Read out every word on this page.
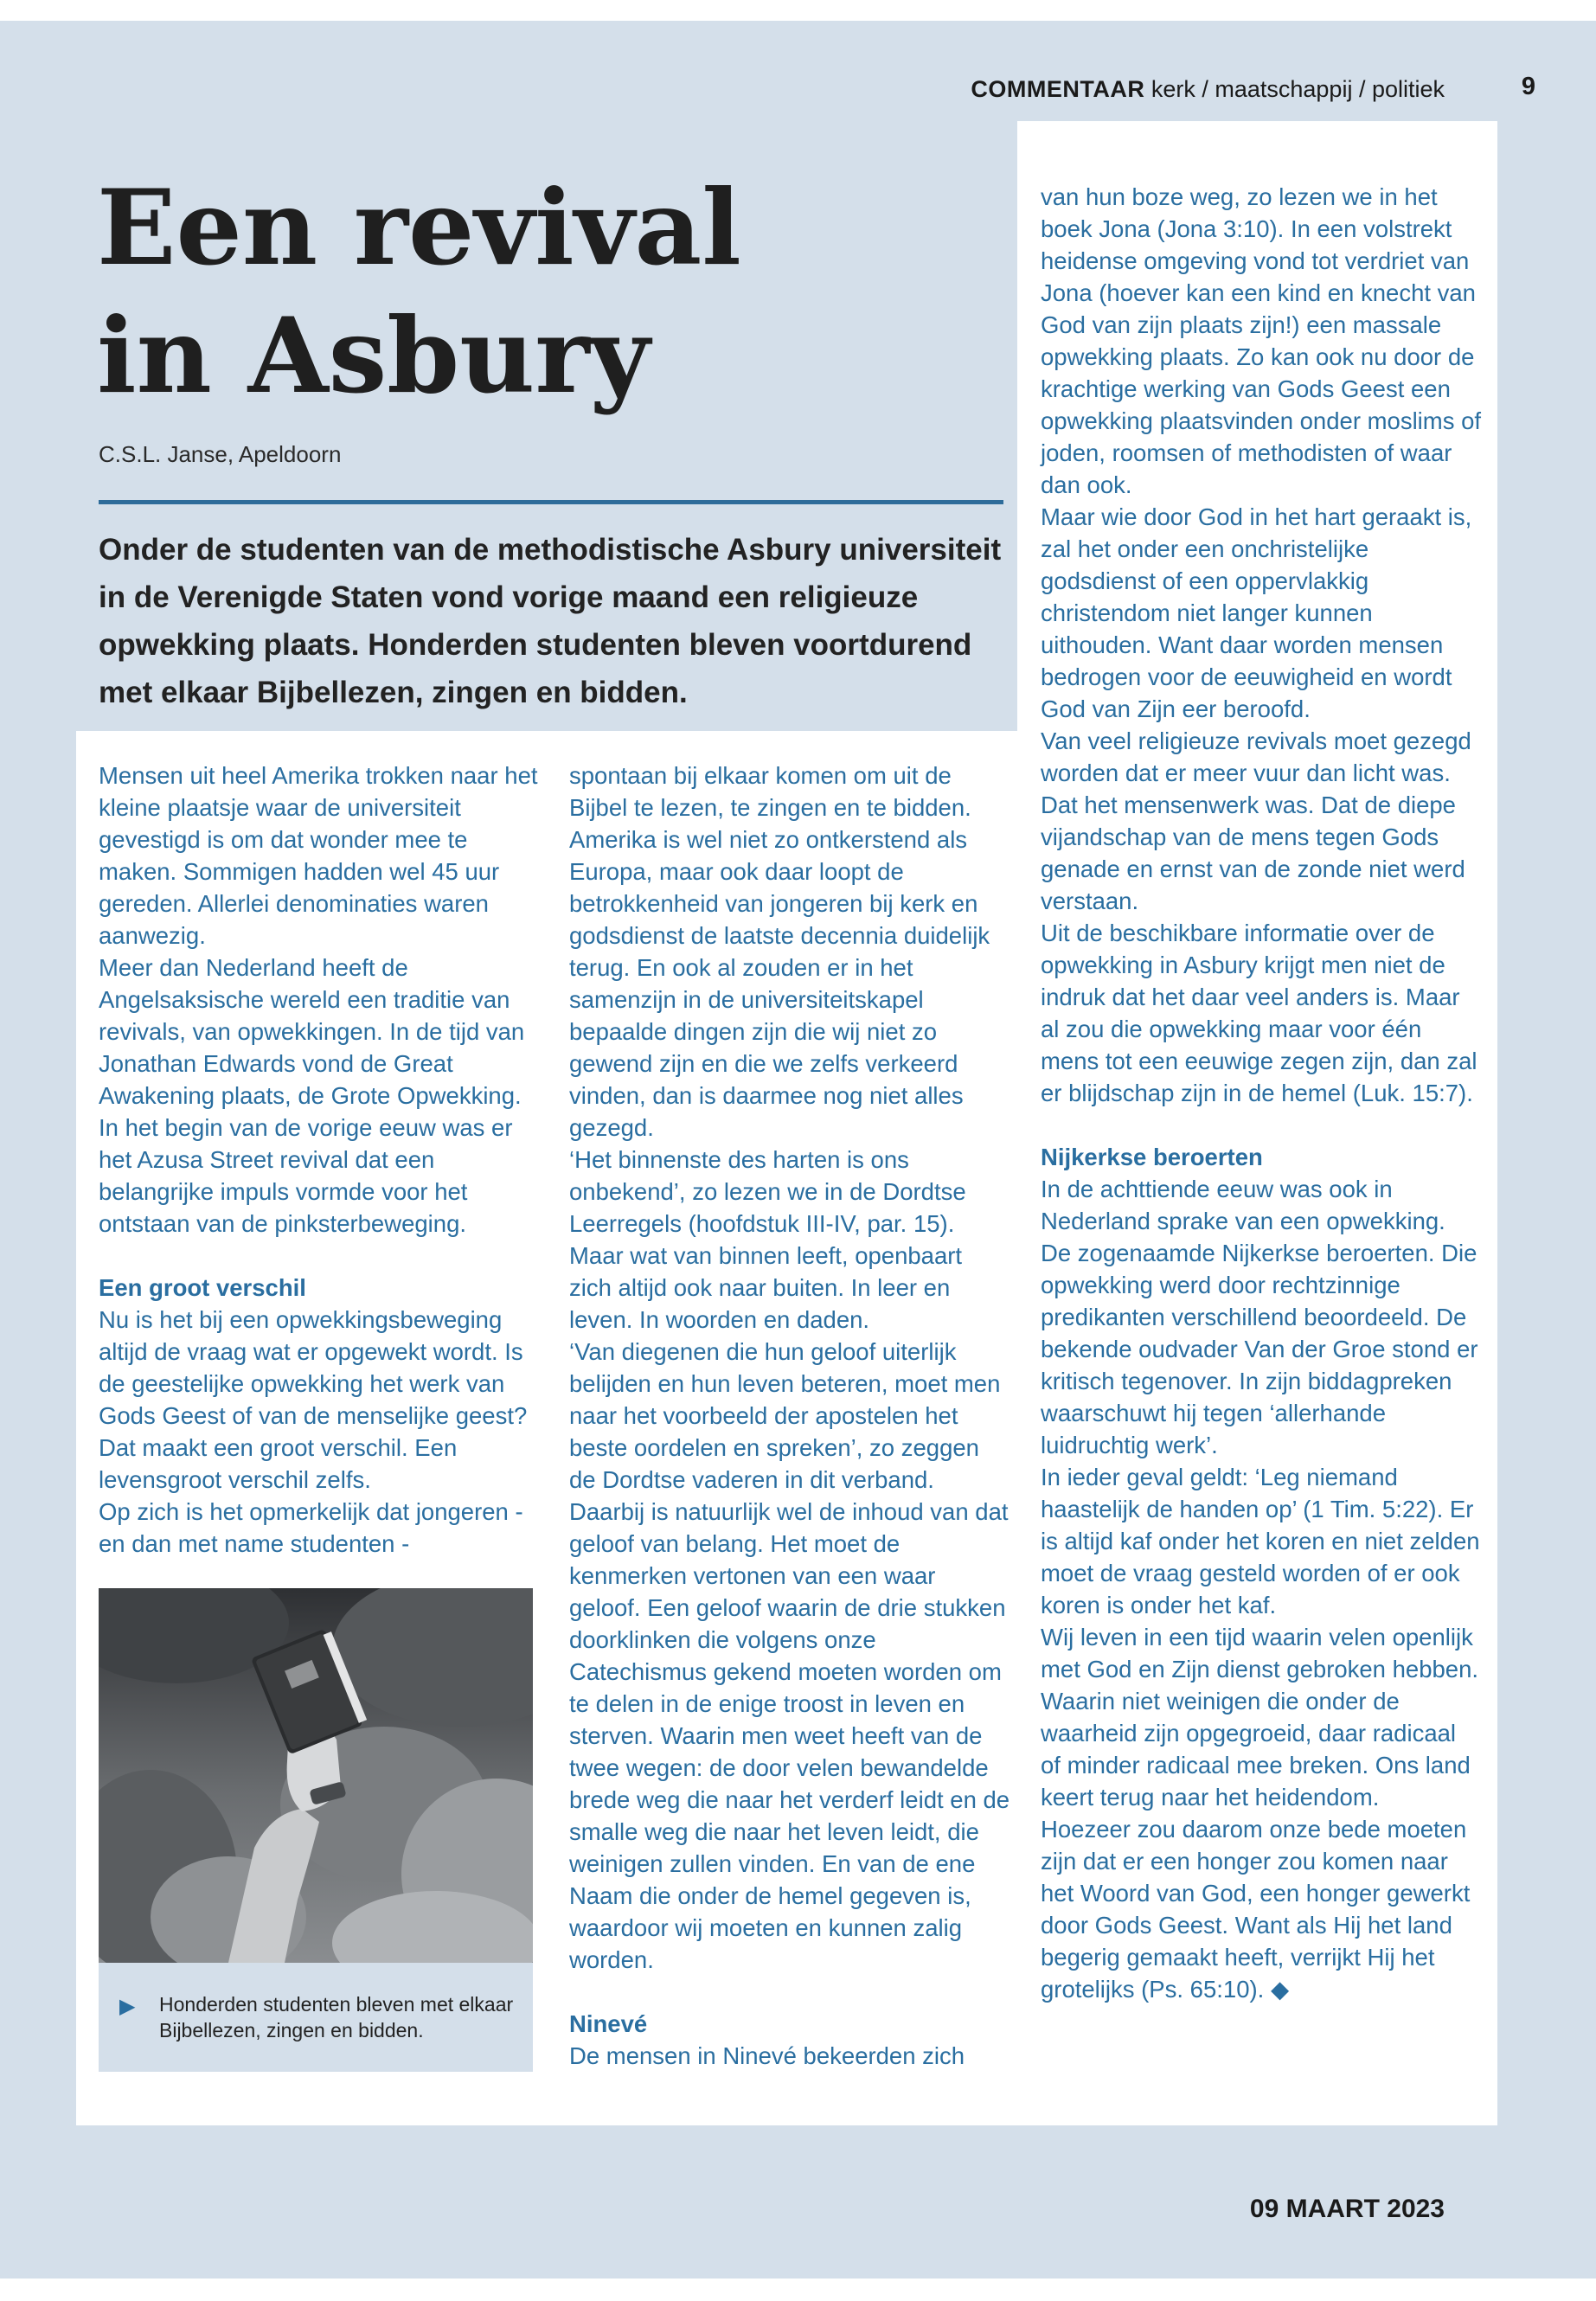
COMMENTAAR kerk / maatschappij / politiek	9
Een revival
in Asbury
C.S.L. Janse, Apeldoorn

Onder de studenten van de methodistische Asbury universiteit in de Verenigde Staten vond vorige maand een religieuze opwekking plaats. Honderden studenten bleven voortdurend met elkaar Bijbellezen, zingen en bidden.

Mensen uit heel Amerika trokken naar het kleine plaatsje waar de universiteit gevestigd is om dat wonder mee te maken. Sommigen hadden wel 45 uur gereden. Allerlei denominaties waren aanwezig.

Meer dan Nederland heeft de Angelsaksische wereld een traditie van revivals, van opwekkingen. In de tijd van Jonathan Edwards vond de Great Awakening plaats, de Grote Opwekking. In het begin van de vorige eeuw was er het Azusa Street revival dat een belangrijke impuls vormde voor het ontstaan van de pinksterbeweging.

Een groot verschil

Nu is het bij een opwekkingsbeweging altijd de vraag wat er opgewekt wordt. Is de geestelijke opwekking het werk van Gods Geest of van de menselijke geest? Dat maakt een groot verschil. Een levensgroot verschil zelfs.

Op zich is het opmerkelijk dat jongeren - en dan met name studenten -

▶ Honderden studenten bleven met elkaar Bijbellezen, zingen en bidden.

spontaan bij elkaar komen om uit de Bijbel te lezen, te zingen en te bidden. Amerika is wel niet zo ontkerstend als Europa, maar ook daar loopt de betrokkenheid van jongeren bij kerk en godsdienst de laatste decennia duidelijk terug. En ook al zouden er in het samenzijn in de universiteitskapel bepaalde dingen zijn die wij niet zo gewend zijn en die we zelfs verkeerd vinden, dan is daarmee nog niet alles gezegd.

‘Het binnenste des harten is ons onbekend’, zo lezen we in de Dordtse Leerregels (hoofdstuk III-IV, par. 15). Maar wat van binnen leeft, openbaart zich altijd ook naar buiten. In leer en leven. In woorden en daden.

‘Van diegenen die hun geloof uiterlijk belijden en hun leven beteren, moet men naar het voorbeeld der apostelen het beste oordelen en spreken’, zo zeggen de Dordtse vaderen in dit verband. Daarbij is natuurlijk wel de inhoud van dat geloof van belang. Het moet de kenmerken vertonen van een waar geloof. Een geloof waarin de drie stukken doorklinken die volgens onze Catechismus gekend moeten worden om te delen in de enige troost in leven en sterven. Waarin men weet heeft van de twee wegen: de door velen bewandelde brede weg die naar het verderf leidt en de smalle weg die naar het leven leidt, die weinigen zullen vinden. En van de ene Naam die onder de hemel gegeven is, waardoor wij moeten en kunnen zalig worden.

Ninevé

De mensen in Ninevé bekeerden zich

van hun boze weg, zo lezen we in het boek Jona (Jona 3:10). In een volstrekt heidense omgeving vond tot verdriet van Jona (hoever kan een kind en knecht van God van zijn plaats zijn!) een massale opwekking plaats. Zo kan ook nu door de krachtige werking van Gods Geest een opwekking plaatsvinden onder moslims of joden, roomsen of methodisten of waar dan ook.

Maar wie door God in het hart geraakt is, zal het onder een onchristelijke godsdienst of een oppervlakkig christendom niet langer kunnen uithouden. Want daar worden mensen bedrogen voor de eeuwigheid en wordt God van Zijn eer beroofd.

Van veel religieuze revivals moet gezegd worden dat er meer vuur dan licht was. Dat het mensenwerk was. Dat de diepe vijandschap van de mens tegen Gods genade en ernst van de zonde niet werd verstaan.

Uit de beschikbare informatie over de opwekking in Asbury krijgt men niet de indruk dat het daar veel anders is. Maar al zou die opwekking maar voor één mens tot een eeuwige zegen zijn, dan zal er blijdschap zijn in de hemel (Luk. 15:7).

Nijkerkse beroerten

In de achttiende eeuw was ook in Nederland sprake van een opwekking. De zogenaamde Nijkerkse beroerten. Die opwekking werd door rechtzinnige predikanten verschillend beoordeeld. De bekende oudvader Van der Groe stond er kritisch tegenover. In zijn biddagpreken waarschuwt hij tegen ‘allerhande luidruchtig werk’.

In ieder geval geldt: ‘Leg niemand haastelijk de handen op’ (1 Tim. 5:22). Er is altijd kaf onder het koren en niet zelden moet de vraag gesteld worden of er ook koren is onder het kaf.

Wij leven in een tijd waarin velen openlijk met God en Zijn dienst gebroken hebben. Waarin niet weinigen die onder de waarheid zijn opgegroeid, daar radicaal of minder radicaal mee breken. Ons land keert terug naar het heidendom.

Hoezeer zou daarom onze bede moeten zijn dat er een honger zou komen naar het Woord van God, een honger gewerkt door Gods Geest. Want als Hij het land begerig gemaakt heeft, verrijkt Hij het grotelijks (Ps. 65:10). ◆

09 MAART 2023
